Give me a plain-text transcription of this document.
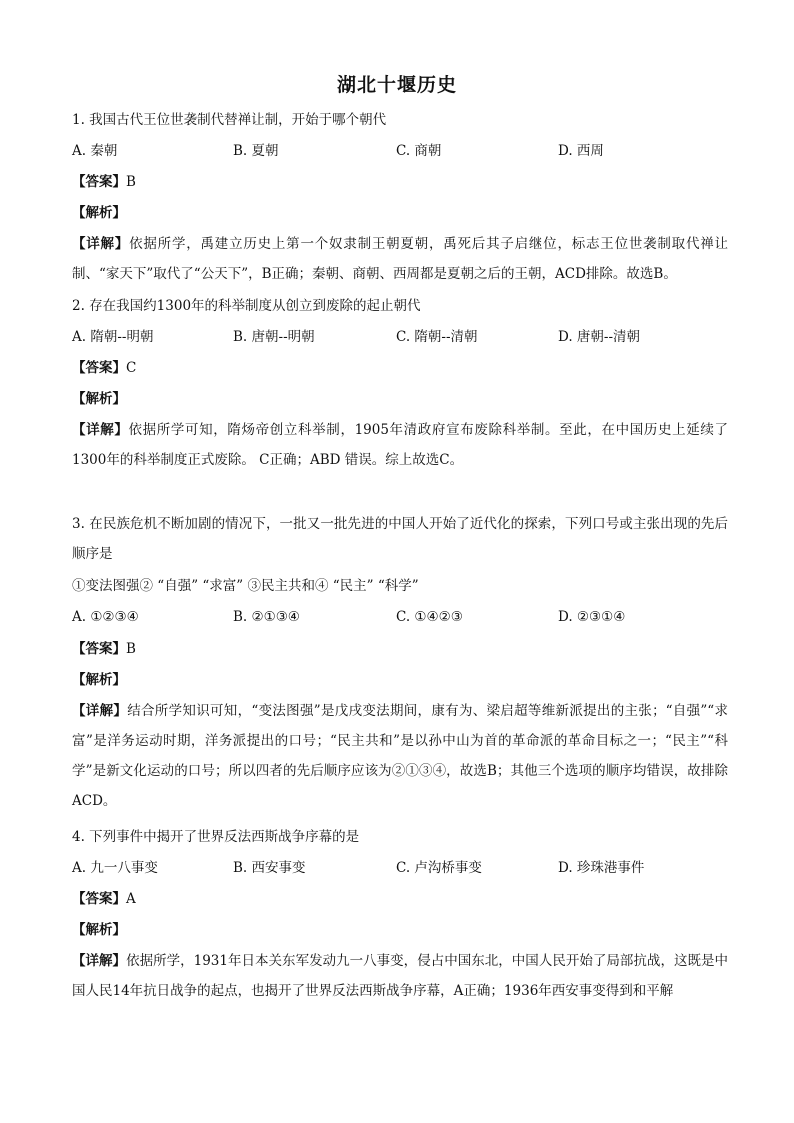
湖北十堰历史
1. 我国古代王位世袭制代替禅让制，开始于哪个朝代
A. 秦朝	B. 夏朝	C. 商朝	D. 西周
【答案】B
【解析】
【详解】依据所学，禹建立历史上第一个奴隶制王朝夏朝，禹死后其子启继位，标志王位世袭制取代禅让制、“家天下”取代了“公天下”，B正确；秦朝、商朝、西周都是夏朝之后的王朝，ACD排除。故选B。
2. 存在我国约1300年的科举制度从创立到废除的起止朝代
A. 隋朝--明朝	B. 唐朝--明朝	C. 隋朝--清朝	D. 唐朝--清朝
【答案】C
【解析】
【详解】依据所学可知，隋炀帝创立科举制，1905年清政府宣布废除科举制。至此，在中国历史上延续了1300年的科举制度正式废除。 C正确；ABD 错误。综上故选C。
3. 在民族危机不断加剧的情况下，一批又一批先进的中国人开始了近代化的探索，下列口号或主张出现的先后顺序是
①变法图强② “自强” “求富” ③民主共和④ “民主” “科学”
A. ①②③④	B. ②①③④	C. ①④②③	D. ②③①④
【答案】B
【解析】
【详解】结合所学知识可知，“变法图强”是戊戌变法期间，康有为、梁启超等维新派提出的主张；“自强”“求富”是洋务运动时期，洋务派提出的口号；“民主共和”是以孙中山为首的革命派的革命目标之一；“民主”“科学”是新文化运动的口号；所以四者的先后顺序应该为②①③④，故选B；其他三个选项的顺序均错误，故排除ACD。
4. 下列事件中揭开了世界反法西斯战争序幕的是
A. 九一八事变	B. 西安事变	C. 卢沟桥事变	D. 珍珠港事件
【答案】A
【解析】
【详解】依据所学，1931年日本关东军发动九一八事变，侵占中国东北，中国人民开始了局部抗战，这既是中国人民14年抗日战争的起点，也揭开了世界反法西斯战争序幕，A正确；1936年西安事变得到和平解
